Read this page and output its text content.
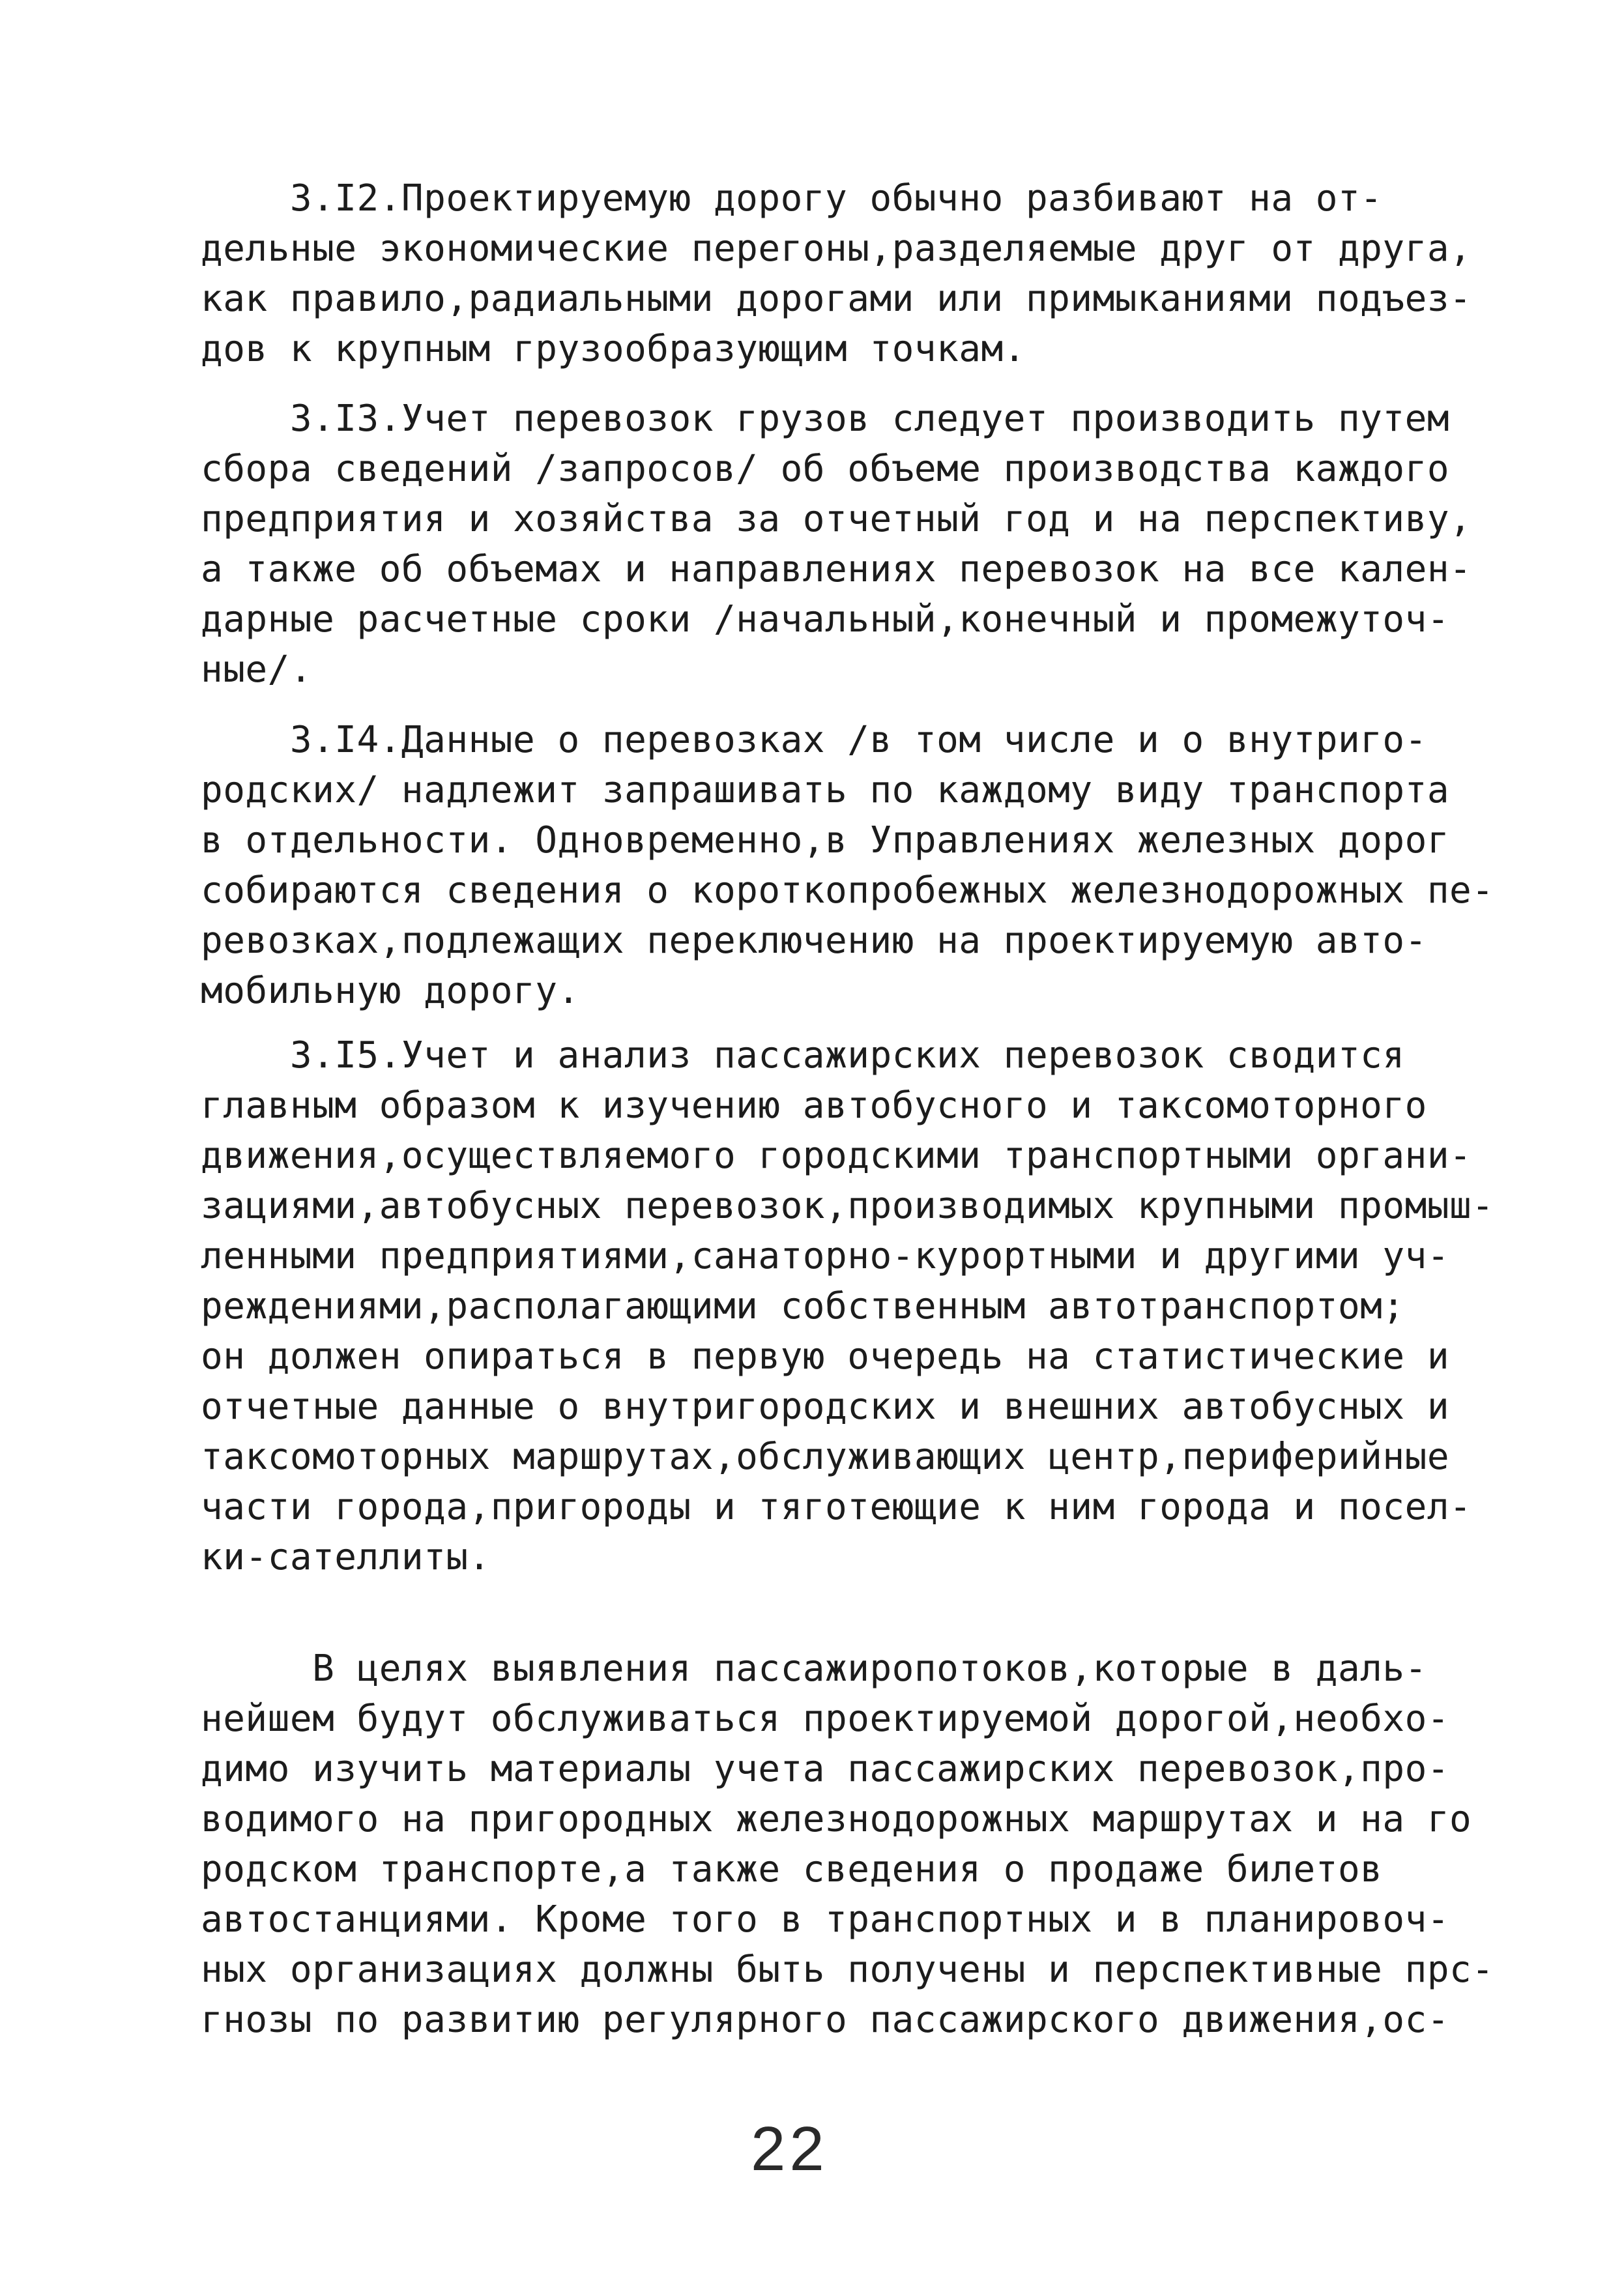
3.I2.Проектируемую дорогу обычно разбивают на от-
дельные экономические перегоны,разделяемые друг от друга,
как правило,радиальными дорогами или примыканиями подъез-
дов к крупным грузообразующим точкам.
3.I3.Учет перевозок грузов следует производить путем
сбора сведений /запросов/ об объеме производства каждого
предприятия и хозяйства за отчетный год и на перспективу,
а также об объемах и направлениях перевозок на все кален-
дарные расчетные сроки /начальный,конечный и промежуточ-
ные/.
3.I4.Данные о перевозках /в том числе и о внутриго-
родских/ надлежит запрашивать по каждому виду транспорта
в отдельности. Одновременно,в Управлениях железных дорог
собираются сведения о короткопробежных железнодорожных пе-
ревозках,подлежащих переключению на проектируемую авто-
мобильную дорогу.
3.I5.Учет и анализ пассажирских перевозок сводится
главным образом к изучению автобусного и таксомоторного
движения,осуществляемого городскими транспортными органи-
зациями,автобусных перевозок,производимых крупными промыш-
ленными предприятиями,санаторно-курортными и другими уч-
реждениями,располагающими собственным автотранспортом;
он должен опираться в первую очередь на статистические и
отчетные данные о внутригородских и внешних автобусных и
таксомоторных маршрутах,обслуживающих центр,периферийные
части города,пригороды и тяготеющие к ним города и посел-
ки-сателлиты.
В целях выявления пассажиропотоков,которые в даль-
нейшем будут обслуживаться проектируемой дорогой,необхо-
димо изучить материалы учета пассажирских перевозок,про-
водимого на пригородных железнодорожных маршрутах и на го
родском транспорте,а также сведения о продаже билетов
автостанциями. Кроме того в транспортных и в планировоч-
ных организациях должны быть получены и перспективные прс-
гнозы по развитию регулярного пассажирского движения,ос-
22
